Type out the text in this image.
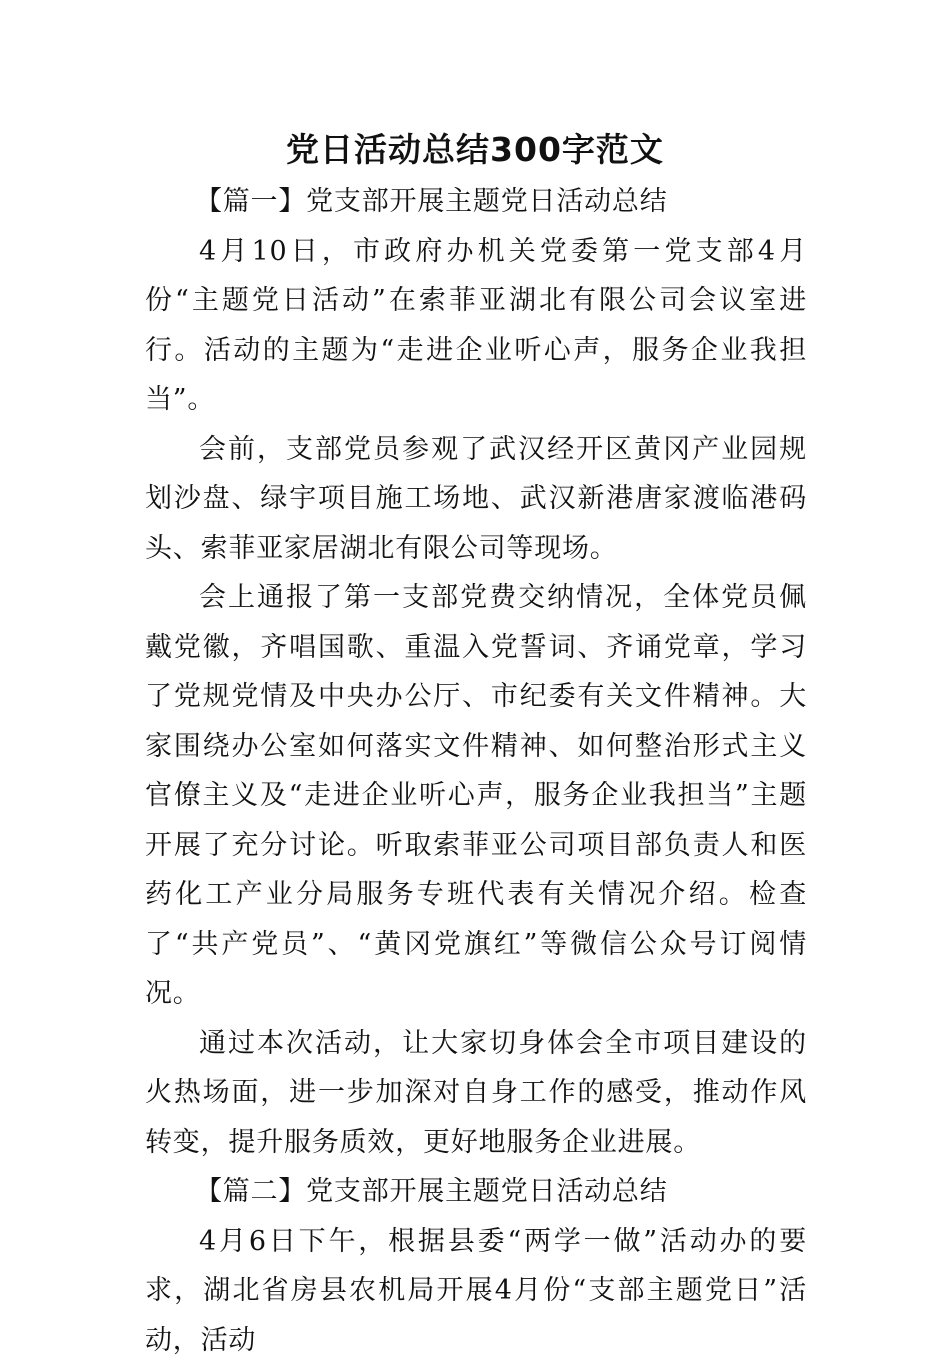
党日活动总结300字范文

【篇一】党支部开展主题党日活动总结

4月10日，市政府办机关党委第一党支部4月份“主题党日活动”在索菲亚湖北有限公司会议室进行。活动的主题为“走进企业听心声，服务企业我担当”。

会前，支部党员参观了武汉经开区黄冈产业园规划沙盘、绿宇项目施工场地、武汉新港唐家渡临港码头、索菲亚家居湖北有限公司等现场。

会上通报了第一支部党费交纳情况，全体党员佩戴党徽，齐唱国歌、重温入党誓词、齐诵党章，学习了党规党情及中央办公厅、市纪委有关文件精神。大家围绕办公室如何落实文件精神、如何整治形式主义官僚主义及“走进企业听心声，服务企业我担当”主题开展了充分讨论。听取索菲亚公司项目部负责人和医药化工产业分局服务专班代表有关情况介绍。检查了“共产党员”、“黄冈党旗红”等微信公众号订阅情况。

通过本次活动，让大家切身体会全市项目建设的火热场面，进一步加深对自身工作的感受，推动作风转变，提升服务质效，更好地服务企业进展。

【篇二】党支部开展主题党日活动总结

4月6日下午，根据县委“两学一做”活动办的要求，湖北省房县农机局开展4月份“支部主题党日”活动，活动
